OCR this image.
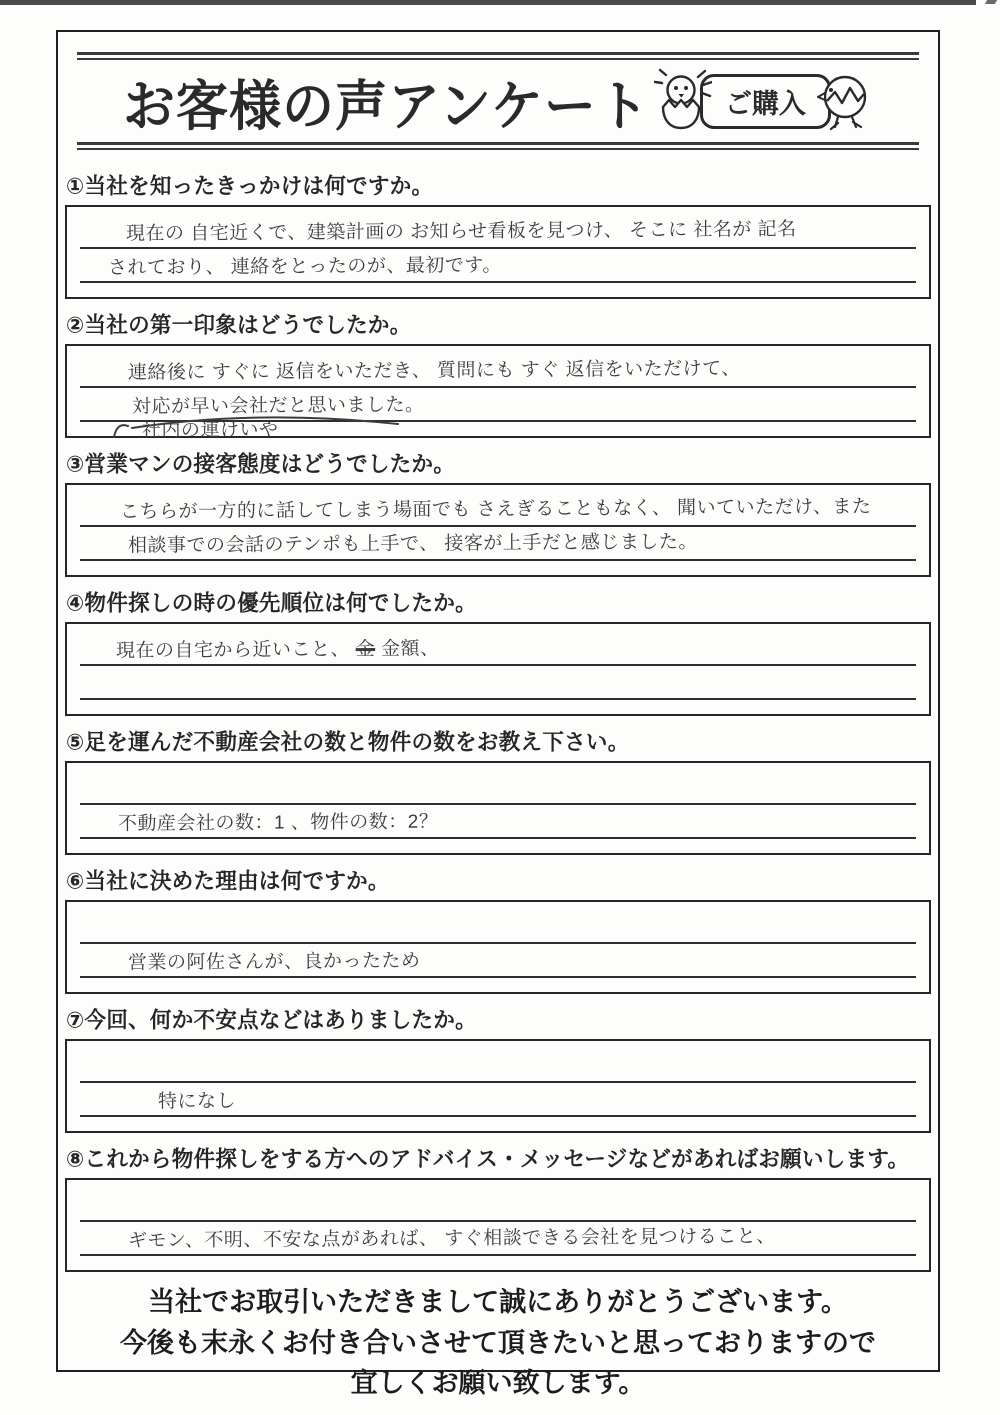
お客様の声アンケート	ご購入
①当社を知ったきっかけは何ですか。
現在の 自宅近くで、建築計画の お知らせ看板を見つけ、 そこに 社名が 記名
されており、 連絡をとったのが、最初です。
②当社の第一印象はどうでしたか。
連絡後に すぐに 返信をいただき、 質問にも すぐ 返信をいただけて、
対応が早い会社だと思いました。
社内の連けいや
③営業マンの接客態度はどうでしたか。
こちらが一方的に話してしまう場面でも さえぎることもなく、 聞いていただけ、また
相談事での会話のテンポも上手で、 接客が上手だと感じました。
④物件探しの時の優先順位は何でしたか。
現在の自宅から近いこと、 金 金額、
⑤足を運んだ不動産会社の数と物件の数をお教え下さい。
不動産会社の数：1 、物件の数：2？
⑥当社に決めた理由は何ですか。
営業の阿佐さんが、良かったため
⑦今回、何か不安点などはありましたか。
特になし
⑧これから物件探しをする方へのアドバイス・メッセージなどがあればお願いします。
ギモン、不明、不安な点があれば、 すぐ相談できる会社を見つけること、

当社でお取引いただきまして誠にありがとうございます。

今後も末永くお付き合いさせて頂きたいと思っておりますので

宜しくお願い致します。
